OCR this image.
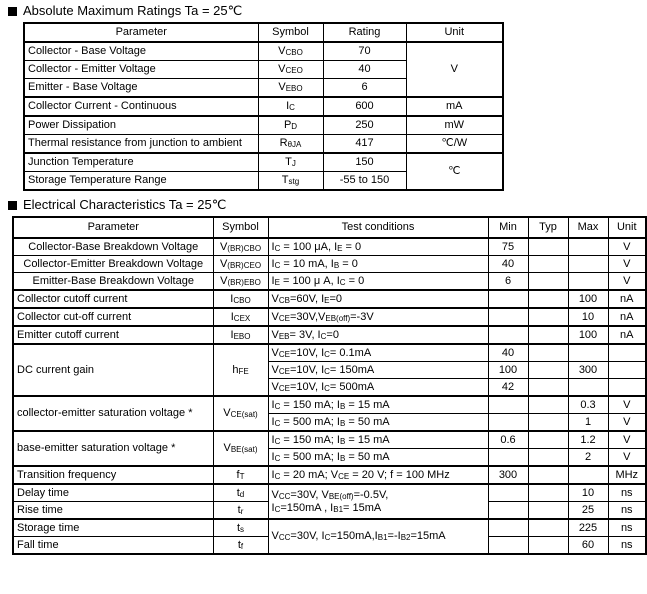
Absolute Maximum Ratings Ta = 25℃
Parameter	Symbol	Rating	Unit
Collector - Base Voltage	VCBO	70	V
Collector - Emitter Voltage	VCEO	40	
Emitter - Base Voltage	VEBO	6	
Collector Current - Continuous	IC	600	mA
Power Dissipation	PD	250	mW
Thermal resistance from junction to ambient	RθJA	417	℃/W
Junction Temperature	TJ	150	℃
Storage Temperature Range	Tstg	-55 to 150	
Electrical Characteristics Ta = 25℃
Parameter	Symbol	Test conditions	Min	Typ	Max	Unit
Collector-Base Breakdown Voltage	V(BR)CBO	IC = 100 μA, IE = 0	75			V
Collector-Emitter Breakdown Voltage	V(BR)CEO	IC = 10 mA, IB = 0	40			V
Emitter-Base Breakdown Voltage	V(BR)EBO	IE = 100 μ A, IC = 0	6			V
Collector cutoff current	ICBO	VCB=60V, IE=0			100	nA
Collector cut-off current	ICEX	VCE=30V,VEB(off)=-3V			10	nA
Emitter cutoff current	IEBO	VEB= 3V, IC=0			100	nA
DC current gain	hFE	VCE=10V, IC= 0.1mA	40			
		VCE=10V, IC= 150mA	100		300	
		VCE=10V, IC= 500mA	42			
collector-emitter saturation voltage *	VCE(sat)	IC = 150 mA; IB = 15 mA			0.3	V
		IC = 500 mA; IB = 50 mA			1	V
base-emitter saturation voltage *	VBE(sat)	IC = 150 mA; IB = 15 mA	0.6		1.2	V
		IC = 500 mA; IB = 50 mA			2	V
Transition frequency	fT	IC = 20 mA; VCE = 20 V; f = 100 MHz	300			MHz
Delay time	td	VCC=30V, VBE(off)=-0.5V,
IC=150mA , IB1= 15mA			10	ns
Rise time	tr				25	ns
Storage time	ts	VCC=30V, IC=150mA,IB1=-IB2=15mA			225	ns
Fall time	tf				60	ns
